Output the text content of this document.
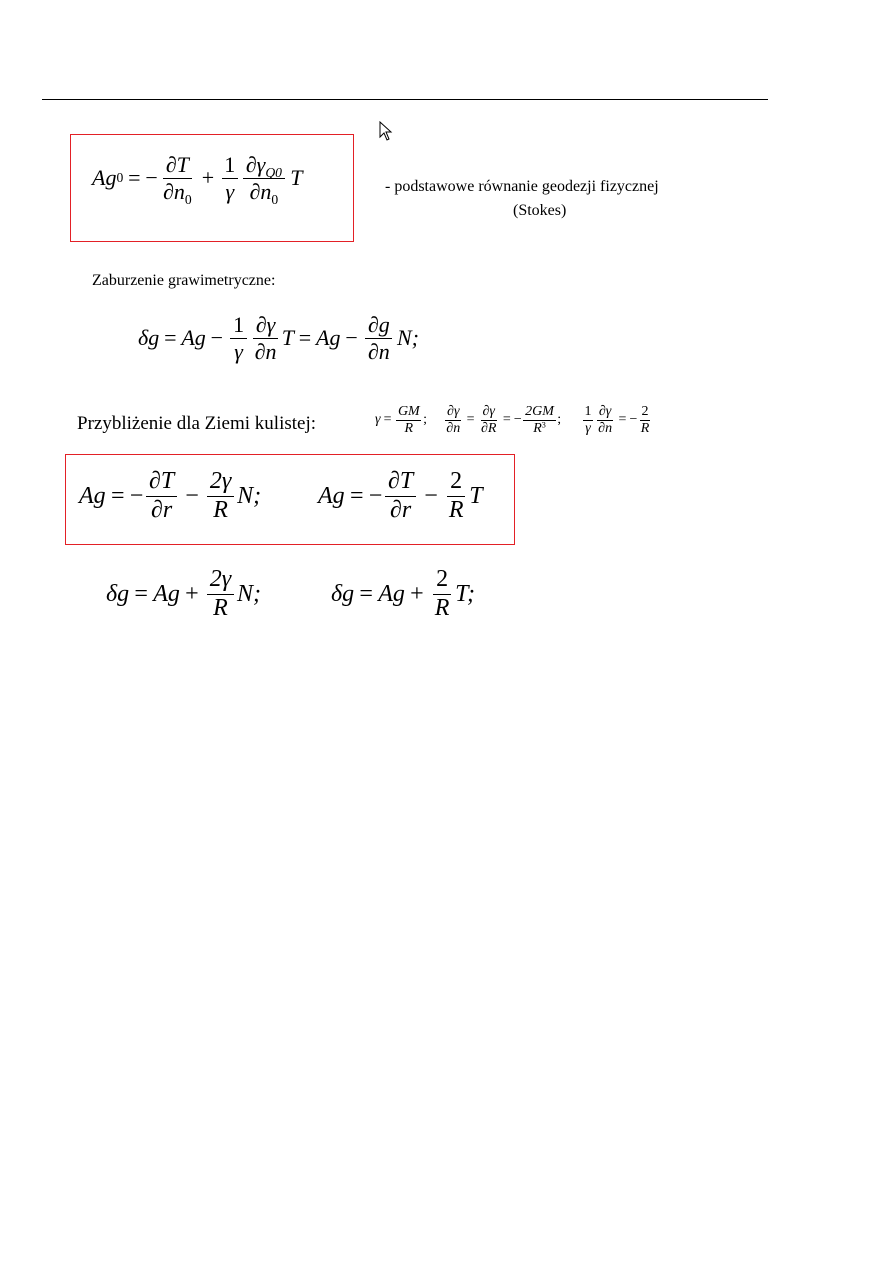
Ag 0 = − $\frac{\partial T}{\partial n_0} + \frac{1}{\gamma} \frac{\partial\gamma_{Q0}}{\partial n_0}$ T	- podstawowe równanie geodezji fizycznej
(Stokes)
Zaburzenie grawimetryczne:
$\delta g = Ag - \frac{1}{\gamma} \frac{\partial\gamma}{\partial n}$ $T = Ag - \frac{\partial g}{\partial n} N$;
Przybliżenie dla Ziemi kulistej:	$\gamma = \frac{GM}{R}$ ; $\frac{\partial\gamma}{\partial n} = \frac{\partial\gamma}{\partial R}$ = − $\frac{2GM}{R^3}$ ; $\frac{1}{\gamma} \frac{\partial\gamma}{\partial n}$ = − $\frac{2}{R}$
Ag = − $\frac{\partial T}{\partial r} - \frac{2\gamma}{R} N$; Ag = − $\frac{\partial T}{\partial r} - \frac{2}{R}$ T
$\delta g = Ag + \frac{2\gamma}{R} N$;	$\delta g = Ag + \frac{2}{R} T$;
